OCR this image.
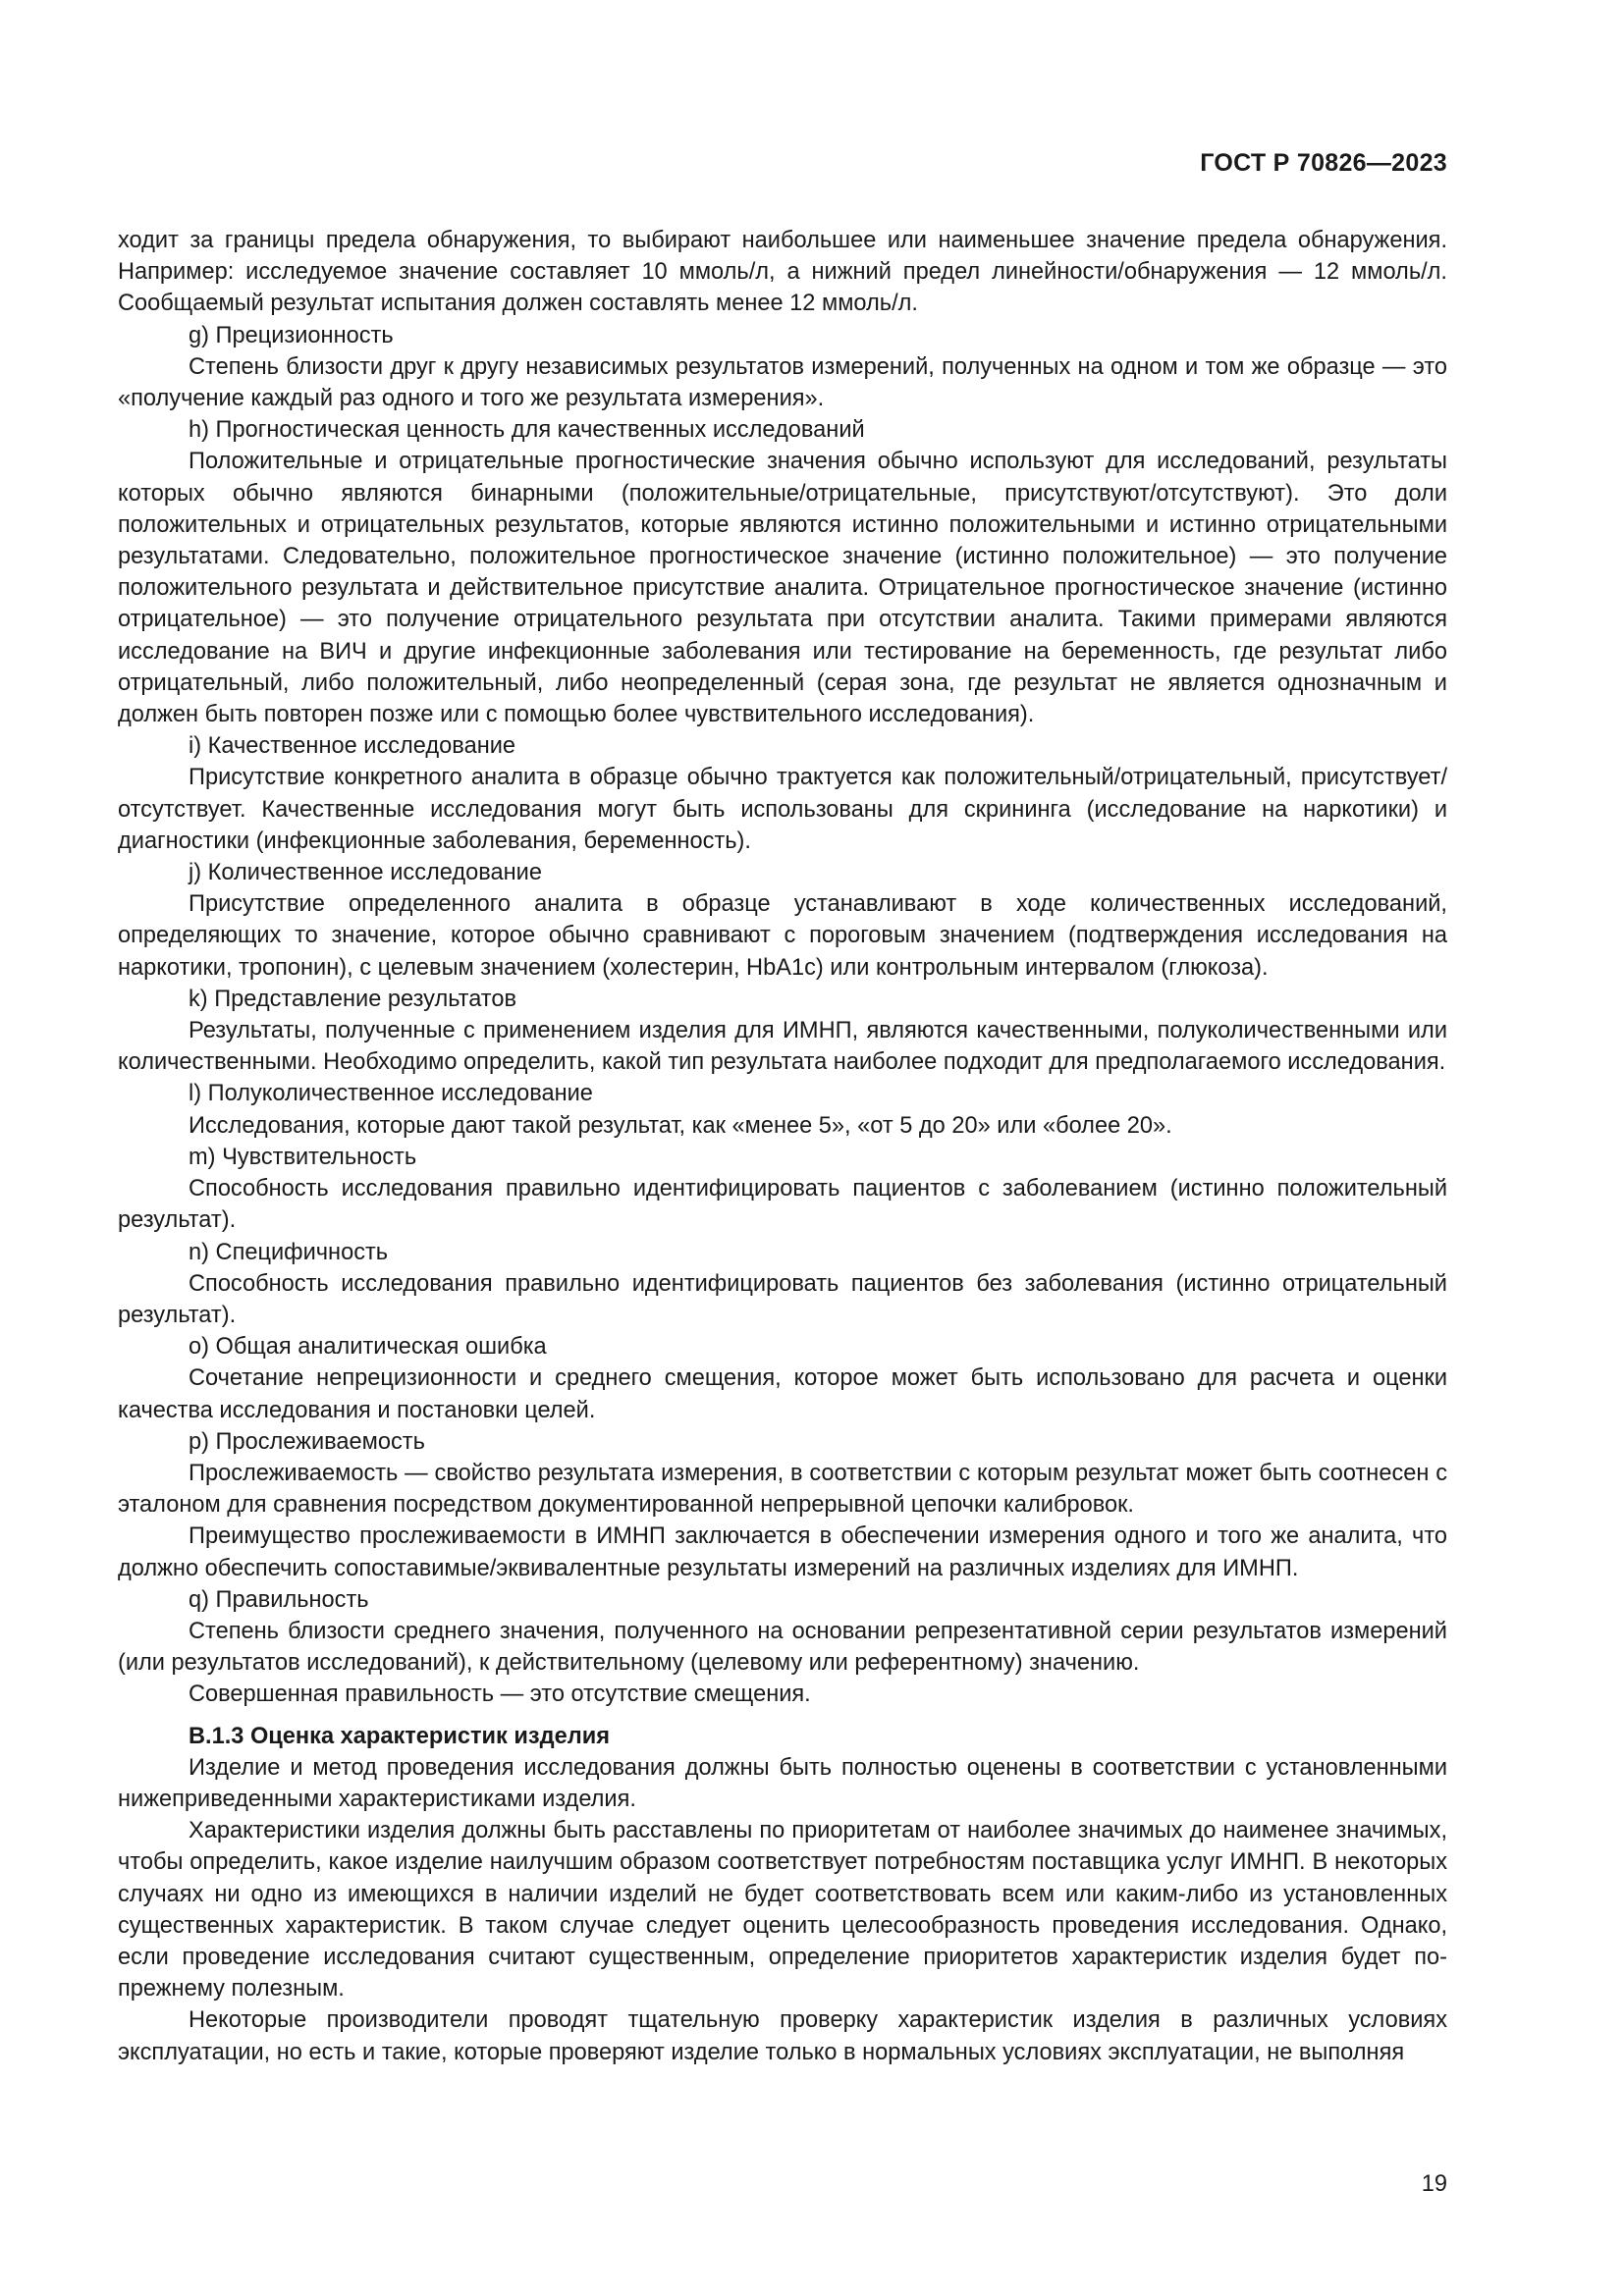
ГОСТ Р 70826—2023

ходит за границы предела обнаружения, то выбирают наибольшее или наименьшее значение предела обнаружения. Например: исследуемое значение составляет 10 ммоль/л, а нижний предел линейности/обнаружения — 12 ммоль/л. Сообщаемый результат испытания должен составлять менее 12 ммоль/л.

g) Прецизионность

Степень близости друг к другу независимых результатов измерений, полученных на одном и том же образце — это «получение каждый раз одного и того же результата измерения».

h) Прогностическая ценность для качественных исследований

Положительные и отрицательные прогностические значения обычно используют для исследований, результаты которых обычно являются бинарными (положительные/отрицательные, присутствуют/отсутствуют). Это доли положительных и отрицательных результатов, которые являются истинно положительными и истинно отрицательными результатами. Следовательно, положительное прогностическое значение (истинно положительное) — это получение положительного результата и действительное присутствие аналита. Отрицательное прогностическое значение (истинно отрицательное) — это получение отрицательного результата при отсутствии аналита. Такими примерами являются исследование на ВИЧ и другие инфекционные заболевания или тестирование на беременность, где результат либо отрицательный, либо положительный, либо неопределенный (серая зона, где результат не является однозначным и должен быть повторен позже или с помощью более чувствительного исследования).

i) Качественное исследование

Присутствие конкретного аналита в образце обычно трактуется как положительный/отрицательный, присутствует/отсутствует. Качественные исследования могут быть использованы для скрининга (исследование на наркотики) и диагностики (инфекционные заболевания, беременность).

j) Количественное исследование

Присутствие определенного аналита в образце устанавливают в ходе количественных исследований, определяющих то значение, которое обычно сравнивают с пороговым значением (подтверждения исследования на наркотики, тропонин), с целевым значением (холестерин, HbA1c) или контрольным интервалом (глюкоза).

k) Представление результатов

Результаты, полученные с применением изделия для ИМНП, являются качественными, полуколичественными или количественными. Необходимо определить, какой тип результата наиболее подходит для предполагаемого исследования.

l) Полуколичественное исследование

Исследования, которые дают такой результат, как «менее 5», «от 5 до 20» или «более 20».

m) Чувствительность

Способность исследования правильно идентифицировать пациентов с заболеванием (истинно положительный результат).

n) Специфичность

Способность исследования правильно идентифицировать пациентов без заболевания (истинно отрицательный результат).

o) Общая аналитическая ошибка

Сочетание непрецизионности и среднего смещения, которое может быть использовано для расчета и оценки качества исследования и постановки целей.

p) Прослеживаемость

Прослеживаемость — свойство результата измерения, в соответствии с которым результат может быть соотнесен с эталоном для сравнения посредством документированной непрерывной цепочки калибровок.

Преимущество прослеживаемости в ИМНП заключается в обеспечении измерения одного и того же аналита, что должно обеспечить сопоставимые/эквивалентные результаты измерений на различных изделиях для ИМНП.

q) Правильность

Степень близости среднего значения, полученного на основании репрезентативной серии результатов измерений (или результатов исследований), к действительному (целевому или референтному) значению.

Совершенная правильность — это отсутствие смещения.

В.1.3 Оценка характеристик изделия

Изделие и метод проведения исследования должны быть полностью оценены в соответствии с установленными нижеприведенными характеристиками изделия.

Характеристики изделия должны быть расставлены по приоритетам от наиболее значимых до наименее значимых, чтобы определить, какое изделие наилучшим образом соответствует потребностям поставщика услуг ИМНП. В некоторых случаях ни одно из имеющихся в наличии изделий не будет соответствовать всем или каким-либо из установленных существенных характеристик. В таком случае следует оценить целесообразность проведения исследования. Однако, если проведение исследования считают существенным, определение приоритетов характеристик изделия будет по-прежнему полезным.

Некоторые производители проводят тщательную проверку характеристик изделия в различных условиях эксплуатации, но есть и такие, которые проверяют изделие только в нормальных условиях эксплуатации, не выполняя

19
